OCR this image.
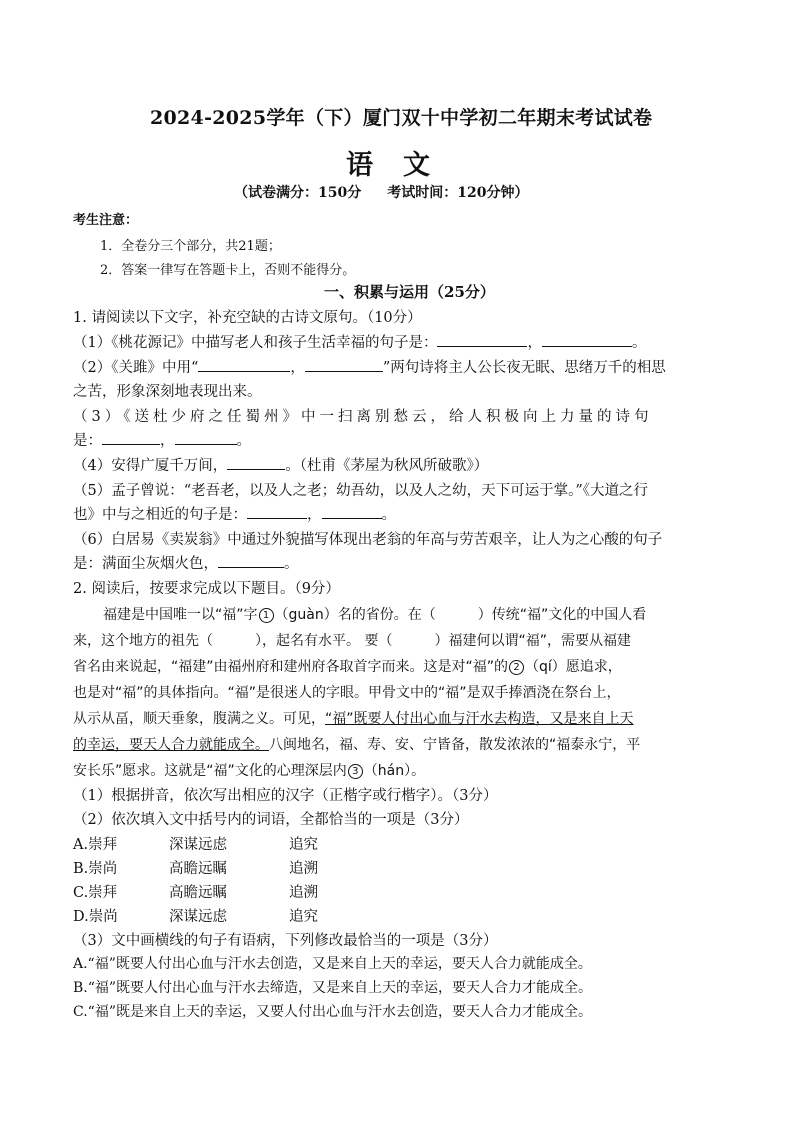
2024-2025学年（下）厦门双十中学初二年期末考试试卷
语文
（试卷满分：150分 考试时间：120分钟）
考生注意：
1．全卷分三个部分，共21题；
2．答案一律写在答题卡上，否则不能得分。
一、积累与运用（25分）
1. 请阅读以下文字，补充空缺的古诗文原句。（10分）
（1）《桃花源记》中描写老人和孩子生活幸福的句子是：	，	。
（2）《关雎》中用“	，	”两句诗将主人公长夜无眠、思绪万千的相思
之苦，形象深刻地表现出来。
（3）《送杜少府之任蜀州》中一扫离别愁云，给人积极向上力量的诗句
是：	，	。
（4）安得广厦千万间，	。（杜甫《茅屋为秋风所破歌》）
（5）孟子曾说：“老吾老，以及人之老；幼吾幼，以及人之幼，天下可运于掌。”《大道之行
也》中与之相近的句子是：	，	。
（6）白居易《卖炭翁》中通过外貌描写体现出老翁的年高与劳苦艰辛，让人为之心酸的句子
是：满面尘灰烟火色，	。
2. 阅读后，按要求完成以下题目。（9分）
福建是中国唯一以“福”字 1 （guàn）名的省份。在（　　　）传统“福”文化的中国人看
来，这个地方的祖先（　　　），起名有水平。 要（　　　）福建何以谓“福”，需要从福建
省名由来说起，“福建”由福州府和建州府各取首字而来。这是对“福”的 2 （qí）愿追求，
也是对“福”的具体指向。“福”是很迷人的字眼。甲骨文中的“福”是双手捧酒浇在祭台上，
从示从畐，顺天垂象，腹满之义。可见，“福”既要人付出心血与汗水去构造，又是来自上天
的幸运，要天人合力就能成全。八闽地名，福、寿、安、宁皆备，散发浓浓的“福泰永宁，平
安长乐”愿求。这就是“福”文化的心理深层内 3 （hán）。
（1）根据拼音，依次写出相应的汉字（正楷字或行楷字）。（3分）
（2）依次填入文中括号内的词语，全都恰当的一项是（3分）
A.崇拜	深谋远虑	追究
B.崇尚	高瞻远瞩	追溯
C.崇拜	高瞻远瞩	追溯
D.崇尚	深谋远虑	追究
（3）文中画横线的句子有语病，下列修改最恰当的一项是（3分）
A.“福”既要人付出心血与汗水去创造，又是来自上天的幸运，要天人合力就能成全。
B.“福”既要人付出心血与汗水去缔造，又是来自上天的幸运，要天人合力才能成全。
C.“福”既是来自上天的幸运，又要人付出心血与汗水去创造，要天人合力才能成全。
